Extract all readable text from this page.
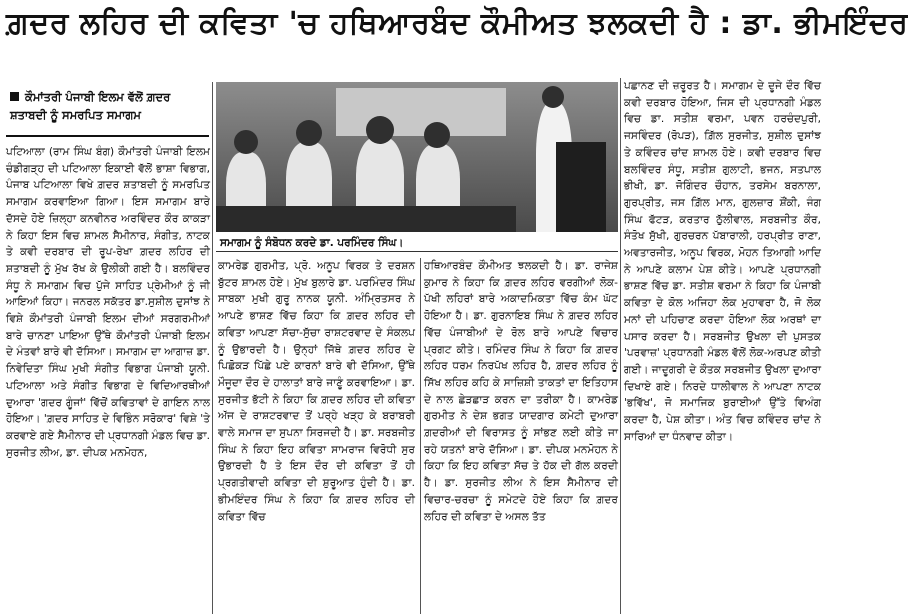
ਗ਼ਦਰ ਲਹਿਰ ਦੀ ਕਵਿਤਾ 'ਚ ਹਥਿਆਰਬੰਦ ਕੌਮੀਅਤ ਝਲਕਦੀ ਹੈ : ਡਾ. ਭੀਮਇੰਦਰ
ਕੌਮਾਂਤਰੀ ਪੰਜਾਬੀ ਇਲਮ ਵੱਲੋਂ ਗ਼ਦਰ ਸ਼ਤਾਬਦੀ ਨੂੰ ਸਮਰਪਿਤ ਸਮਾਗਮ
ਸਮਾਗਮ ਨੂੰ ਸੰਬੋਧਨ ਕਰਦੇ ਡਾ. ਪਰਮਿੰਦਰ ਸਿੰਘ।
ਪਟਿਆਲਾ (ਰਾਮ ਸਿੰਘ ਬੰਗ) ਕੌਮਾਂਤਰੀ ਪੰਜਾਬੀ ਇਲਮ ਚੰਡੀਗੜ੍ਹ ਦੀ ਪਟਿਆਲਾ ਇਕਾਈ ਵੱਲੋਂ ਭਾਸ਼ਾ ਵਿਭਾਗ, ਪੰਜਾਬ ਪਟਿਆਲਾ ਵਿਖੇ ਗ਼ਦਰ ਸ਼ਤਾਬਦੀ ਨੂੰ ਸਮਰਪਿਤ ਸਮਾਗਮ ਕਰਵਾਇਆ ਗਿਆ। ਇਸ ਸਮਾਗਮ ਬਾਰੇ ਦੱਸਦੇ ਹੋਏ ਜ਼ਿਲ੍ਹਾ ਕਨਵੀਨਰ ਅਰਵਿੰਦਰ ਕੌਰ ਕਾਕੜਾ ਨੇ ਕਿਹਾ ਇਸ ਵਿਚ ਸ਼ਾਮਲ ਸੈਮੀਨਾਰ, ਸੰਗੀਤ, ਨਾਟਕ ਤੇ ਕਵੀ ਦਰਬਾਰ ਦੀ ਰੂਪ-ਰੇਖਾ ਗ਼ਦਰ ਲਹਿਰ ਦੀ ਸ਼ਤਾਬਦੀ ਨੂੰ ਮੁੱਖ ਰੱਖ ਕੇ ਉਲੀਕੀ ਗਈ ਹੈ। ਬਲਵਿੰਦਰ ਸੰਧੂ ਨੇ ਸਮਾਗਮ ਵਿਚ ਪੁੱਜੇ ਸਾਹਿਤ ਪ੍ਰੇਮੀਆਂ ਨੂੰ ਜੀ ਆਇਆਂ ਕਿਹਾ। ਜਨਰਲ ਸਕੱਤਰ ਡਾ.ਸੁਸ਼ੀਲ ਦੁਸਾਂਝ ਨੇ ਵਿਸ਼ੇ ਕੌਮਾਂਤਰੀ ਪੰਜਾਬੀ ਇਲਮ ਦੀਆਂ ਸਰਗਰਮੀਆਂ ਬਾਰੇ ਚਾਨਣਾ ਪਾਇਆ ਉੱਥੇ ਕੌਮਾਂਤਰੀ ਪੰਜਾਬੀ ਇਲਮ ਦੇ ਮੰਤਵਾਂ ਬਾਰੇ ਵੀ ਦੱਸਿਆ। ਸਮਾਗਮ ਦਾ ਆਗਾਜ਼ ਡਾ. ਨਿਵੇਦਿਤਾ ਸਿੰਘ ਮੁਖੀ ਸੰਗੀਤ ਵਿਭਾਗ ਪੰਜਾਬੀ ਯੂਨੀ. ਪਟਿਆਲਾ ਅਤੇ ਸੰਗੀਤ ਵਿਭਾਗ ਦੇ ਵਿਦਿਆਰਥੀਆਂ ਦੁਆਰਾ 'ਗਦਰ ਗੂੰਜਾਂ' ਵਿੱਚੋਂ ਕਵਿਤਾਵਾਂ ਦੇ ਗਾਇਨ ਨਾਲ ਹੋਇਆ। 'ਗ਼ਦਰ ਸਾਹਿਤ ਦੇ ਵਿਭਿੰਨ ਸਰੋਕਾਰ' ਵਿਸ਼ੇ 'ਤੇ ਕਰਵਾਏ ਗਏ ਸੈਮੀਨਾਰ ਦੀ ਪ੍ਰਧਾਨਗੀ ਮੰਡਲ ਵਿਚ ਡਾ. ਸੁਰਜੀਤ ਲੀਅ, ਡਾ. ਦੀਪਕ ਮਨਮੋਹਨ,
ਕਾਮਰੇਡ ਗੁਰਮੀਤ, ਪ੍ਰੋ. ਅਨੂਪ ਵਿਰਕ ਤੇ ਦਰਸ਼ਨ ਬੁੱਟਰ ਸ਼ਾਮਲ ਹੋਏ। ਮੁੱਖ ਬੁਲਾਰੇ ਡਾ. ਪਰਮਿੰਦਰ ਸਿੰਘ ਸਾਬਕਾ ਮੁਖੀ ਗੁਰੂ ਨਾਨਕ ਯੂਨੀ. ਅੰਮ੍ਰਿਤਸਰ ਨੇ ਆਪਣੇ ਭਾਸ਼ਣ ਵਿੱਚ ਕਿਹਾ ਕਿ ਗ਼ਦਰ ਲਹਿਰ ਦੀ ਕਵਿਤਾ ਆਪਣਾ ਸੱਚਾ-ਸੁੱਚਾ ਰਾਸ਼ਟਰਵਾਦ ਦੇ ਸੰਕਲਪ ਨੂੰ ਉਭਾਰਦੀ ਹੈ। ਉਨ੍ਹਾਂ ਜਿੱਥੇ ਗ਼ਦਰ ਲਹਿਰ ਦੇ ਪਿਛੋਕੜ ਪਿੱਛੇ ਪਏ ਕਾਰਨਾਂ ਬਾਰੇ ਵੀ ਦੱਸਿਆ, ਉੱਥੇ ਮੌਜੂਦਾ ਦੌਰ ਦੇ ਹਾਲਾਤਾਂ ਬਾਰੇ ਜਾਣੂੰ ਕਰਵਾਇਆ। ਡਾ. ਸੁਰਜੀਤ ਭੱਟੀ ਨੇ ਕਿਹਾ ਕਿ ਗ਼ਦਰ ਲਹਿਰ ਦੀ ਕਵਿਤਾ ਅੱਜ ਦੇ ਰਾਸ਼ਟਰਵਾਦ ਤੋਂ ਪਰ੍ਹੇ ਖੜ੍ਹ ਕੇ ਬਰਾਬਰੀ ਵਾਲੇ ਸਮਾਜ ਦਾ ਸੁਪਨਾ ਸਿਰਜਦੀ ਹੈ। ਡਾ. ਸਰਬਜੀਤ ਸਿੰਘ ਨੇ ਕਿਹਾ ਇਹ ਕਵਿਤਾ ਸਾਮਰਾਜ ਵਿਰੋਧੀ ਸੁਰ ਉਭਾਰਦੀ ਹੈ ਤੇ ਇਸ ਦੌਰ ਦੀ ਕਵਿਤਾ ਤੋਂ ਹੀ ਪ੍ਰਗਤੀਵਾਦੀ ਕਵਿਤਾ ਦੀ ਸ਼ੁਰੂਆਤ ਹੁੰਦੀ ਹੈ। ਡਾ. ਭੀਮਇੰਦਰ ਸਿੰਘ ਨੇ ਕਿਹਾ ਕਿ ਗ਼ਦਰ ਲਹਿਰ ਦੀ ਕਵਿਤਾ ਵਿੱਚ
ਹਥਿਆਰਬੰਦ ਕੌਮੀਅਤ ਝਲਕਦੀ ਹੈ। ਡਾ. ਰਾਜੇਸ਼ ਕੁਮਾਰ ਨੇ ਕਿਹਾ ਕਿ ਗ਼ਦਰ ਲਹਿਰ ਵਰਗੀਆਂ ਲੋਕ-ਪੱਖੀ ਲਹਿਰਾਂ ਬਾਰੇ ਅਕਾਦਮਿਕਤਾ ਵਿੱਚ ਕੰਮ ਘੱਟ ਹੋਇਆ ਹੈ। ਡਾ. ਗੁਰਨਾਇਬ ਸਿੰਘ ਨੇ ਗ਼ਦਰ ਲਹਿਰ ਵਿੱਚ ਪੰਜਾਬੀਆਂ ਦੇ ਰੋਲ ਬਾਰੇ ਆਪਣੇ ਵਿਚਾਰ ਪ੍ਰਗਟ ਕੀਤੇ। ਰਮਿੰਦਰ ਸਿੰਘ ਨੇ ਕਿਹਾ ਕਿ ਗ਼ਦਰ ਲਹਿਰ ਧਰਮ ਨਿਰਪੱਖ ਲਹਿਰ ਹੈ, ਗ਼ਦਰ ਲਹਿਰ ਨੂੰ ਸਿੱਖ ਲਹਿਰ ਕਹਿ ਕੇ ਸਾਜ਼ਿਸ਼ੀ ਤਾਕਤਾਂ ਦਾ ਇਤਿਹਾਸ ਦੇ ਨਾਲ ਛੇੜਛਾੜ ਕਰਨ ਦਾ ਤਰੀਕਾ ਹੈ। ਕਾਮਰੇਡ ਗੁਰਮੀਤ ਨੇ ਦੇਸ਼ ਭਗਤ ਯਾਦਗਾਰ ਕਮੇਟੀ ਦੁਆਰਾ ਗ਼ਦਰੀਆਂ ਦੀ ਵਿਰਾਸਤ ਨੂੰ ਸਾਂਭਣ ਲਈ ਕੀਤੇ ਜਾ ਰਹੇ ਯਤਨਾਂ ਬਾਰੇ ਦੱਸਿਆ। ਡਾ. ਦੀਪਕ ਮਨਮੋਹਨ ਨੇ ਕਿਹਾ ਕਿ ਇਹ ਕਵਿਤਾ ਸੱਚ ਤੇ ਹੱਕ ਦੀ ਗੱਲ ਕਰਦੀ ਹੈ। ਡਾ. ਸੁਰਜੀਤ ਲੀਅ ਨੇ ਇਸ ਸੈਮੀਨਾਰ ਦੀ ਵਿਚਾਰ-ਚਰਚਾ ਨੂੰ ਸਮੇਟਦੇ ਹੋਏ ਕਿਹਾ ਕਿ ਗ਼ਦਰ ਲਹਿਰ ਦੀ ਕਵਿਤਾ ਦੇ ਅਸਲ ਤੱਤ
ਪਛਾਨਣ ਦੀ ਜ਼ਰੂਰਤ ਹੈ। ਸਮਾਗਮ ਦੇ ਦੂਜੇ ਦੌਰ ਵਿੱਚ ਕਵੀ ਦਰਬਾਰ ਹੋਇਆ, ਜਿਸ ਦੀ ਪ੍ਰਧਾਨਗੀ ਮੰਡਲ ਵਿਚ ਡਾ. ਸਤੀਸ਼ ਵਰਮਾ, ਪਵਨ ਹਰਚੰਦਪੁਰੀ, ਜਸਵਿੰਦਰ (ਰੋਪੜ), ਗ਼ਿੱਲ ਸੁਰਜੀਤ, ਸੁਸ਼ੀਲ ਦੁਸਾਂਝ ਤੇ ਕਵਿੰਦਰ ਚਾਂਦ ਸ਼ਾਮਲ ਹੋਏ। ਕਵੀ ਦਰਬਾਰ ਵਿਚ ਬਲਵਿੰਦਰ ਸੰਧੂ, ਸਤੀਸ਼ ਗੁਲਾਟੀ, ਭਜਨ, ਸਤਪਾਲ ਭੀਖੀ, ਡਾ. ਜੋਗਿੰਦਰ ਚੌਹਾਨ, ਤਰਸੇਮ ਬਰਨਾਲਾ, ਗੁਰਪ੍ਰੀਤ, ਜਸ ਗ਼ਿੱਲ ਮਾਨ, ਗੁਲਜ਼ਾਰ ਸ਼ੌਂਕੀ, ਜੰਗ ਸਿੰਘ ਫੱਟੜ, ਕਰਤਾਰ ਠੁੱਲੀਵਾਲ, ਸਰਬਜੀਤ ਕੌਰ, ਸੰਤੋਖ ਸੁੱਖੀ, ਗੁਰਚਰਨ ਪੱਬਾਰਾਲੀ, ਹਰਪ੍ਰੀਤ ਰਾਣਾ, ਅਵਤਾਰਜੀਤ, ਅਨੂਪ ਵਿਰਕ, ਮੋਹਨ ਤਿਆਗੀ ਆਦਿ ਨੇ ਆਪਣੇ ਕਲਾਮ ਪੇਸ਼ ਕੀਤੇ। ਆਪਣੇ ਪ੍ਰਧਾਨਗੀ ਭਾਸ਼ਣ ਵਿੱਚ ਡਾ. ਸਤੀਸ਼ ਵਰਮਾ ਨੇ ਕਿਹਾ ਕਿ ਪੰਜਾਬੀ ਕਵਿਤਾ ਦੇ ਕੋਲ ਅਜਿਹਾ ਲੋਕ ਮੁਹਾਵਰਾ ਹੈ, ਜੋ ਲੋਕ ਮਨਾਂ ਦੀ ਪਹਿਚਾਣ ਕਰਦਾ ਹੋਇਆ ਲੋਕ ਅਰਥਾਂ ਦਾ ਪਸਾਰ ਕਰਦਾ ਹੈ। ਸਰਬਜੀਤ ਉਖਲਾ ਦੀ ਪੁਸਤਕ 'ਪਰਵਾਜ਼' ਪ੍ਰਧਾਨਗੀ ਮੰਡਲ ਵੱਲੋਂ ਲੋਕ-ਅਰਪਣ ਕੀਤੀ ਗਈ। ਜਾਦੂਗਰੀ ਦੇ ਕੌਤਕ ਸਰਬਜੀਤ ਉਖਲਾ ਦੁਆਰਾ ਦਿਖਾਏ ਗਏ। ਨਿਰਦੇ ਧਾਲੀਵਾਲ ਨੇ ਆਪਣਾ ਨਾਟਕ 'ਭਵਿੱਖ', ਜੋ ਸਮਾਜਿਕ ਬੁਰਾਈਆਂ ਉੱਤੇ ਵਿਅੰਗ ਕਰਦਾ ਹੈ, ਪੇਸ਼ ਕੀਤਾ। ਅੰਤ ਵਿਚ ਕਵਿੰਦਰ ਚਾਂਦ ਨੇ ਸਾਰਿਆਂ ਦਾ ਧੰਨਵਾਦ ਕੀਤਾ।
